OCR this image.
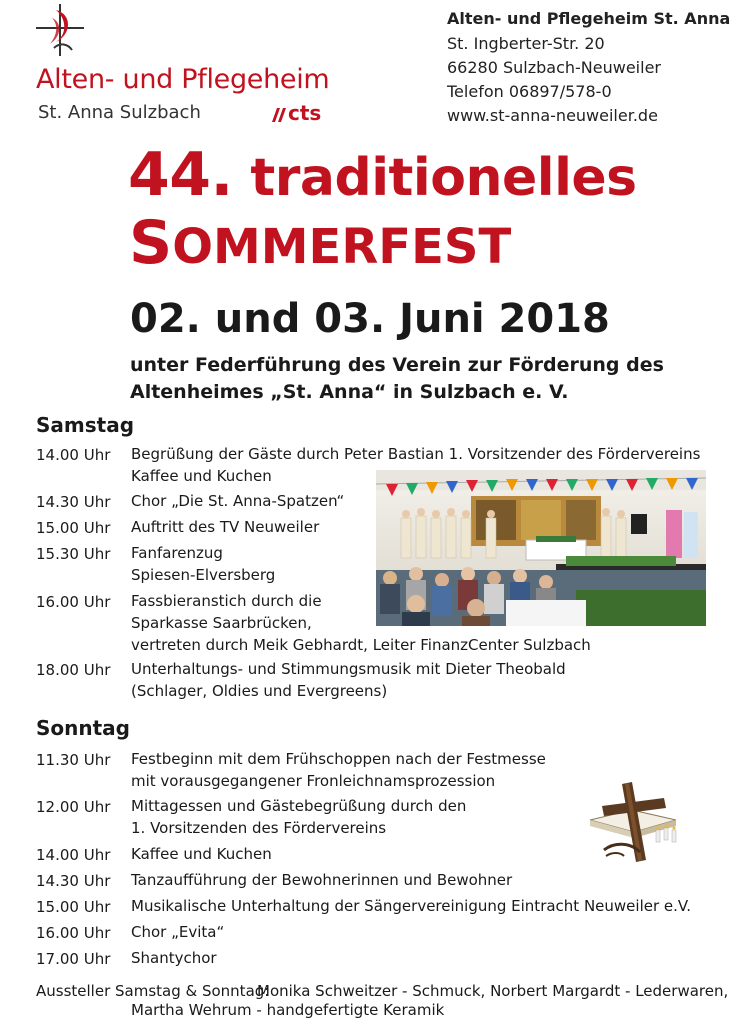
Alten- und Pflegeheim
St. Anna Sulzbach	cts
Alten- und Pflegeheim St. Anna
St. Ingberter-Str. 20
66280 Sulzbach-Neuweiler
Telefon 06897/578-0
www.st-anna-neuweiler.de
44. traditionelles
SOMMERFEST
02. und 03. Juni 2018
unter Federführung des Verein zur Förderung des
Altenheimes „St. Anna“ in Sulzbach e. V.
Samstag
14.00 Uhr Begrüßung der Gäste durch Peter Bastian 1. Vorsitzender des Fördervereins
Kaffee und Kuchen
14.30 Uhr Chor „Die St. Anna-Spatzen“
15.00 Uhr Auftritt des TV Neuweiler
15.30 Uhr Fanfarenzug
Spiesen-Elversberg
16.00 Uhr Fassbieranstich durch die
Sparkasse Saarbrücken,
vertreten durch Meik Gebhardt, Leiter FinanzCenter Sulzbach
18.00 Uhr Unterhaltungs- und Stimmungsmusik mit Dieter Theobald
(Schlager, Oldies und Evergreens)
Sonntag
11.30 Uhr Festbeginn mit dem Frühschoppen nach der Festmesse
mit vorausgegangener Fronleichnamsprozession
12.00 Uhr Mittagessen und Gästebegrüßung durch den
1. Vorsitzenden des Fördervereins
14.00 Uhr Kaffee und Kuchen
14.30 Uhr Tanzaufführung der Bewohnerinnen und Bewohner
15.00 Uhr Musikalische Unterhaltung der Sängervereinigung Eintracht Neuweiler e.V.
16.00 Uhr Chor „Evita“
17.00 Uhr Shantychor
Aussteller Samstag & Sonntag:
Monika Schweitzer - Schmuck, Norbert Margardt - Lederwaren,
Martha Wehrum - handgefertigte Keramik
